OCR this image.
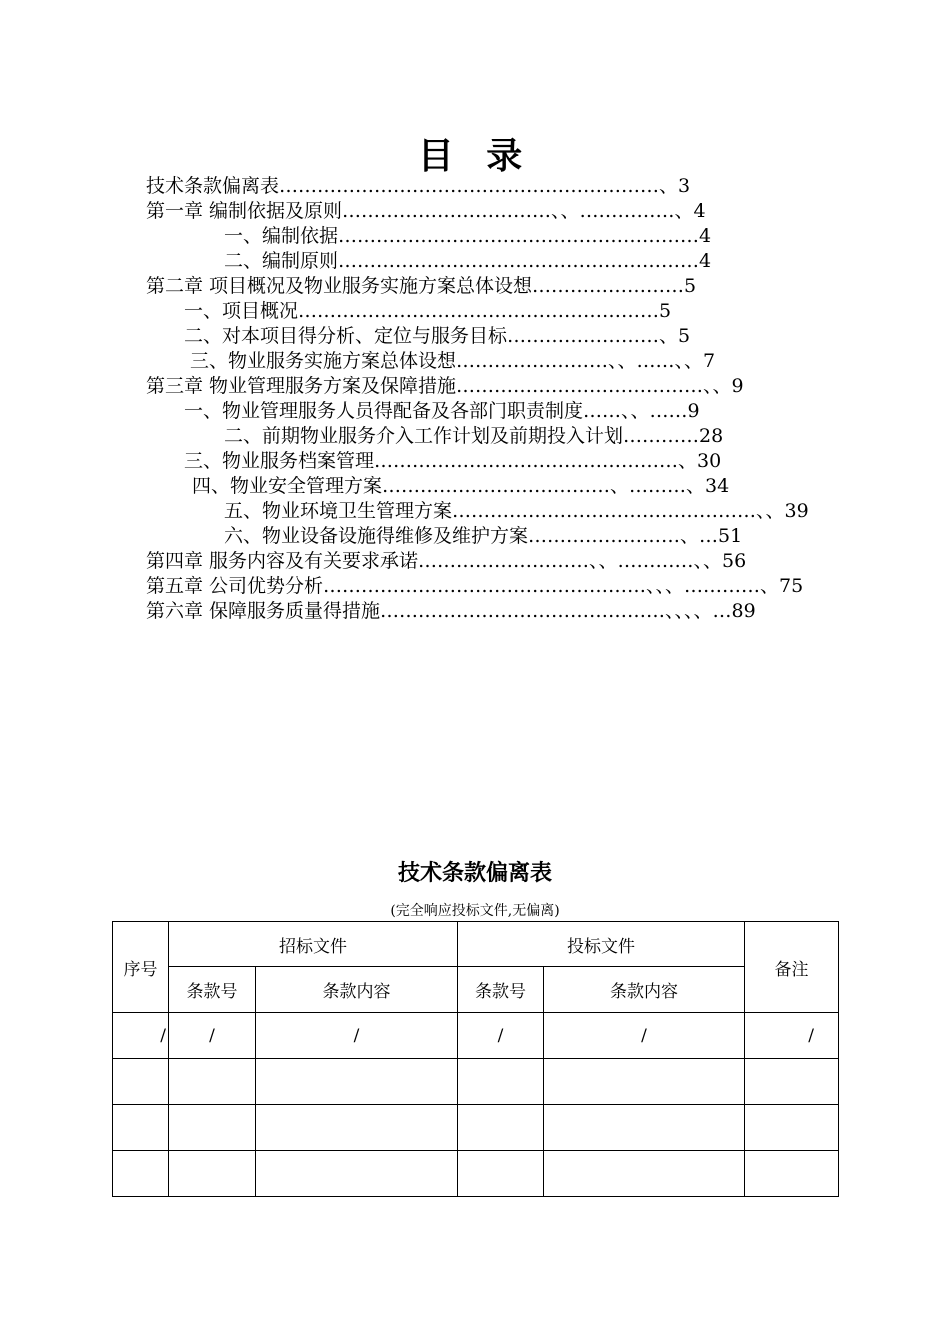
目 录
技术条款偏离表……………………………………………………、3
第一章 编制依据及原则……………………………、、……………、4
一、编制依据…………………………………………………4
二、编制原则…………………………………………………4
第二章 项目概况及物业服务实施方案总体设想……………………5
一、项目概况…………………………………………………5
二、对本项目得分析、定位与服务目标……………………、5
三、物业服务实施方案总体设想……………………、、……、、7
第三章 物业管理服务方案及保障措施…………………………………、、9
一、物业管理服务人员得配备及各部门职责制度……、、……9
二、前期物业服务介入工作计划及前期投入计划…………28
三、物业服务档案管理…………………………………………、30
四、物业安全管理方案………………………………、………、34
五、物业环境卫生管理方案…………………………………………、、39
六、物业设备设施得维修及维护方案……………………、…51
第四章 服务内容及有关要求承诺………………………、、…………、、56
第五章 公司优势分析……………………………………………、、、…………、75
第六章 保障服务质量得措施………………………………………、、、、…89
技术条款偏离表
(完全响应投标文件,无偏离)
序号	招标文件		投标文件		备注
	条款号	条款内容	条款号	条款内容	
/	/	/	/	/	/
